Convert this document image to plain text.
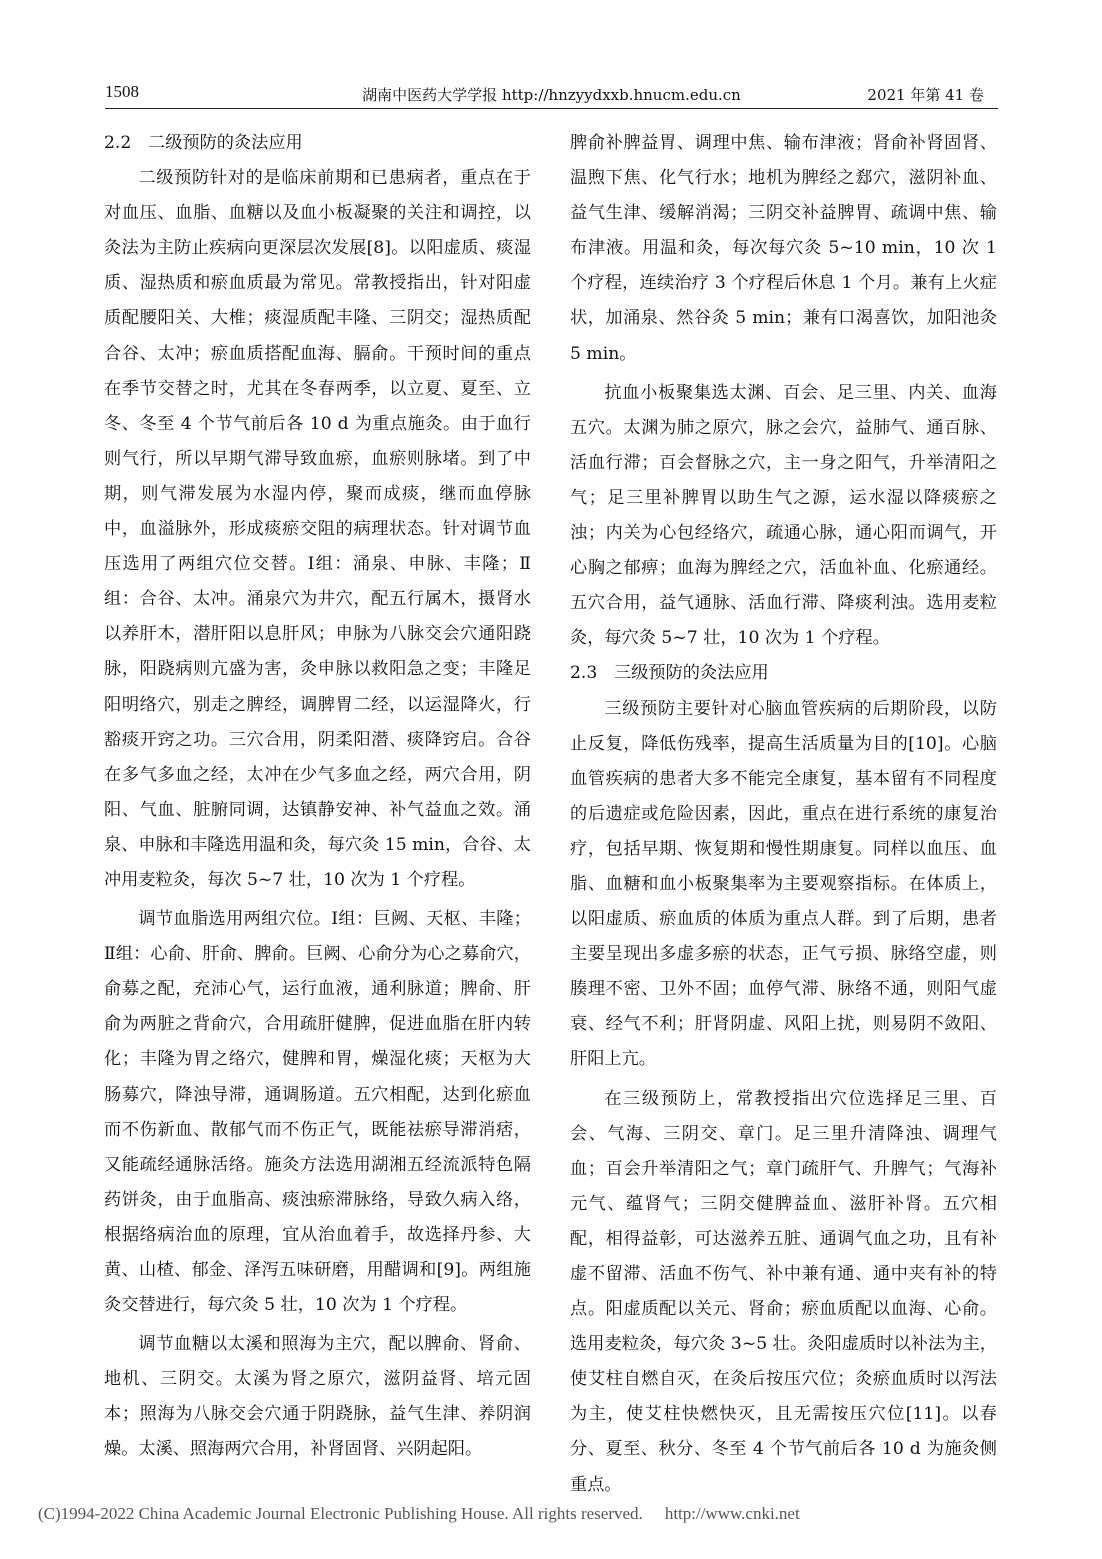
1508	湖南中医药大学学报 http://hnzyydxxb.hnucm.edu.cn	2021 年第 41 卷
2.2 二级预防的灸法应用

二级预防针对的是临床前期和已患病者，重点在于对血压、血脂、血糖以及血小板凝聚的关注和调控，以灸法为主防止疾病向更深层次发展[8]。以阳虚质、痰湿质、湿热质和瘀血质最为常见。常教授指出，针对阳虚质配腰阳关、大椎；痰湿质配丰隆、三阴交；湿热质配合谷、太冲；瘀血质搭配血海、膈俞。干预时间的重点在季节交替之时，尤其在冬春两季，以立夏、夏至、立冬、冬至 4 个节气前后各 10 d 为重点施灸。由于血行则气行，所以早期气滞导致血瘀，血瘀则脉堵。到了中期，则气滞发展为水湿内停，聚而成痰，继而血停脉中，血溢脉外，形成痰瘀交阻的病理状态。针对调节血压选用了两组穴位交替。Ⅰ组：涌泉、申脉、丰隆；Ⅱ组：合谷、太冲。涌泉穴为井穴，配五行属木，摄肾水以养肝木，潜肝阳以息肝风；申脉为八脉交会穴通阳跷脉，阳跷病则亢盛为害，灸申脉以救阳急之变；丰隆足阳明络穴，别走之脾经，调脾胃二经，以运湿降火，行豁痰开窍之功。三穴合用，阴柔阳潜、痰降窍启。合谷在多气多血之经，太冲在少气多血之经，两穴合用，阴阳、气血、脏腑同调，达镇静安神、补气益血之效。涌泉、申脉和丰隆选用温和灸，每穴灸 15 min，合谷、太冲用麦粒灸，每次 5~7 壮，10 次为 1 个疗程。

调节血脂选用两组穴位。Ⅰ组：巨阙、天枢、丰隆；Ⅱ组：心俞、肝俞、脾俞。巨阙、心俞分为心之募俞穴，俞募之配，充沛心气，运行血液，通利脉道；脾俞、肝俞为两脏之背俞穴，合用疏肝健脾，促进血脂在肝内转化；丰隆为胃之络穴，健脾和胃，燥湿化痰；天枢为大肠募穴，降浊导滞，通调肠道。五穴相配，达到化瘀血而不伤新血、散郁气而不伤正气，既能祛瘀导滞消痞，又能疏经通脉活络。施灸方法选用湖湘五经流派特色隔药饼灸，由于血脂高、痰浊瘀滞脉络，导致久病入络，根据络病治血的原理，宜从治血着手，故选择丹参、大黄、山楂、郁金、泽泻五味研磨，用醋调和[9]。两组施灸交替进行，每穴灸 5 壮，10 次为 1 个疗程。

调节血糖以太溪和照海为主穴，配以脾俞、肾俞、地机、三阴交。太溪为肾之原穴，滋阴益肾、培元固本；照海为八脉交会穴通于阴跷脉，益气生津、养阴润燥。太溪、照海两穴合用，补肾固肾、兴阴起阳。

脾俞补脾益胃、调理中焦、输布津液；肾俞补肾固肾、温煦下焦、化气行水；地机为脾经之郄穴，滋阴补血、益气生津、缓解消渴；三阴交补益脾胃、疏调中焦、输布津液。用温和灸，每次每穴灸 5~10 min，10 次 1 个疗程，连续治疗 3 个疗程后休息 1 个月。兼有上火症状，加涌泉、然谷灸 5 min；兼有口渴喜饮，加阳池灸 5 min。

抗血小板聚集选太渊、百会、足三里、内关、血海五穴。太渊为肺之原穴，脉之会穴，益肺气、通百脉、活血行滞；百会督脉之穴，主一身之阳气，升举清阳之气；足三里补脾胃以助生气之源，运水湿以降痰瘀之浊；内关为心包经络穴，疏通心脉，通心阳而调气，开心胸之郁痹；血海为脾经之穴，活血补血、化瘀通经。五穴合用，益气通脉、活血行滞、降痰利浊。选用麦粒灸，每穴灸 5~7 壮，10 次为 1 个疗程。

2.3 三级预防的灸法应用

三级预防主要针对心脑血管疾病的后期阶段，以防止反复，降低伤残率，提高生活质量为目的[10]。心脑血管疾病的患者大多不能完全康复，基本留有不同程度的后遗症或危险因素，因此，重点在进行系统的康复治疗，包括早期、恢复期和慢性期康复。同样以血压、血脂、血糖和血小板聚集率为主要观察指标。在体质上，以阳虚质、瘀血质的体质为重点人群。到了后期，患者主要呈现出多虚多瘀的状态，正气亏损、脉络空虚，则腠理不密、卫外不固；血停气滞、脉络不通，则阳气虚衰、经气不利；肝肾阴虚、风阳上扰，则易阴不敛阳、肝阳上亢。

在三级预防上，常教授指出穴位选择足三里、百会、气海、三阴交、章门。足三里升清降浊、调理气血；百会升举清阳之气；章门疏肝气、升脾气；气海补元气、蕴肾气；三阴交健脾益血、滋肝补肾。五穴相配，相得益彰，可达滋养五脏、通调气血之功，且有补虚不留滞、活血不伤气、补中兼有通、通中夹有补的特点。阳虚质配以关元、肾俞；瘀血质配以血海、心俞。选用麦粒灸，每穴灸 3~5 壮。灸阳虚质时以补法为主，使艾柱自燃自灭，在灸后按压穴位；灸瘀血质时以泻法为主，使艾柱快燃快灭，且无需按压穴位[11]。以春分、夏至、秋分、冬至 4 个节气前后各 10 d 为施灸侧重点。

(C)1994-2022 China Academic Journal Electronic Publishing House. All rights reserved. http://www.cnki.net
